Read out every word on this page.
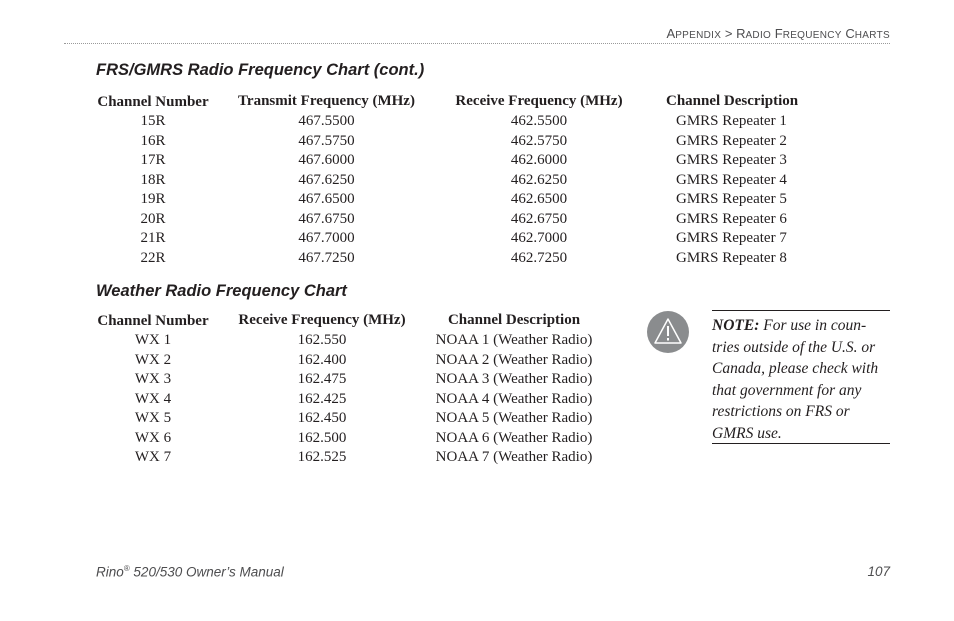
APPENDIX > RADIO FREQUENCY CHARTS
FRS/GMRS Radio Frequency Chart (cont.)
Channel Number	Transmit Frequency (MHz)	Receive Frequency (MHz)	Channel Description
15R	467.5500	462.5500	GMRS Repeater 1
16R	467.5750	462.5750	GMRS Repeater 2
17R	467.6000	462.6000	GMRS Repeater 3
18R	467.6250	462.6250	GMRS Repeater 4
19R	467.6500	462.6500	GMRS Repeater 5
20R	467.6750	462.6750	GMRS Repeater 6
21R	467.7000	462.7000	GMRS Repeater 7
22R	467.7250	462.7250	GMRS Repeater 8
Weather Radio Frequency Chart
Channel Number	Receive Frequency (MHz)	Channel Description
WX 1	162.550	NOAA 1 (Weather Radio)
WX 2	162.400	NOAA 2 (Weather Radio)
WX 3	162.475	NOAA 3 (Weather Radio)
WX 4	162.425	NOAA 4 (Weather Radio)
WX 5	162.450	NOAA 5 (Weather Radio)
WX 6	162.500	NOAA 6 (Weather Radio)
WX 7	162.525	NOAA 7 (Weather Radio)

NOTE: For use in coun- tries outside of the U.S. or Canada, please check with that government for any restrictions on FRS or GMRS use.

Rino® 520/530 Owner’s Manual	107
